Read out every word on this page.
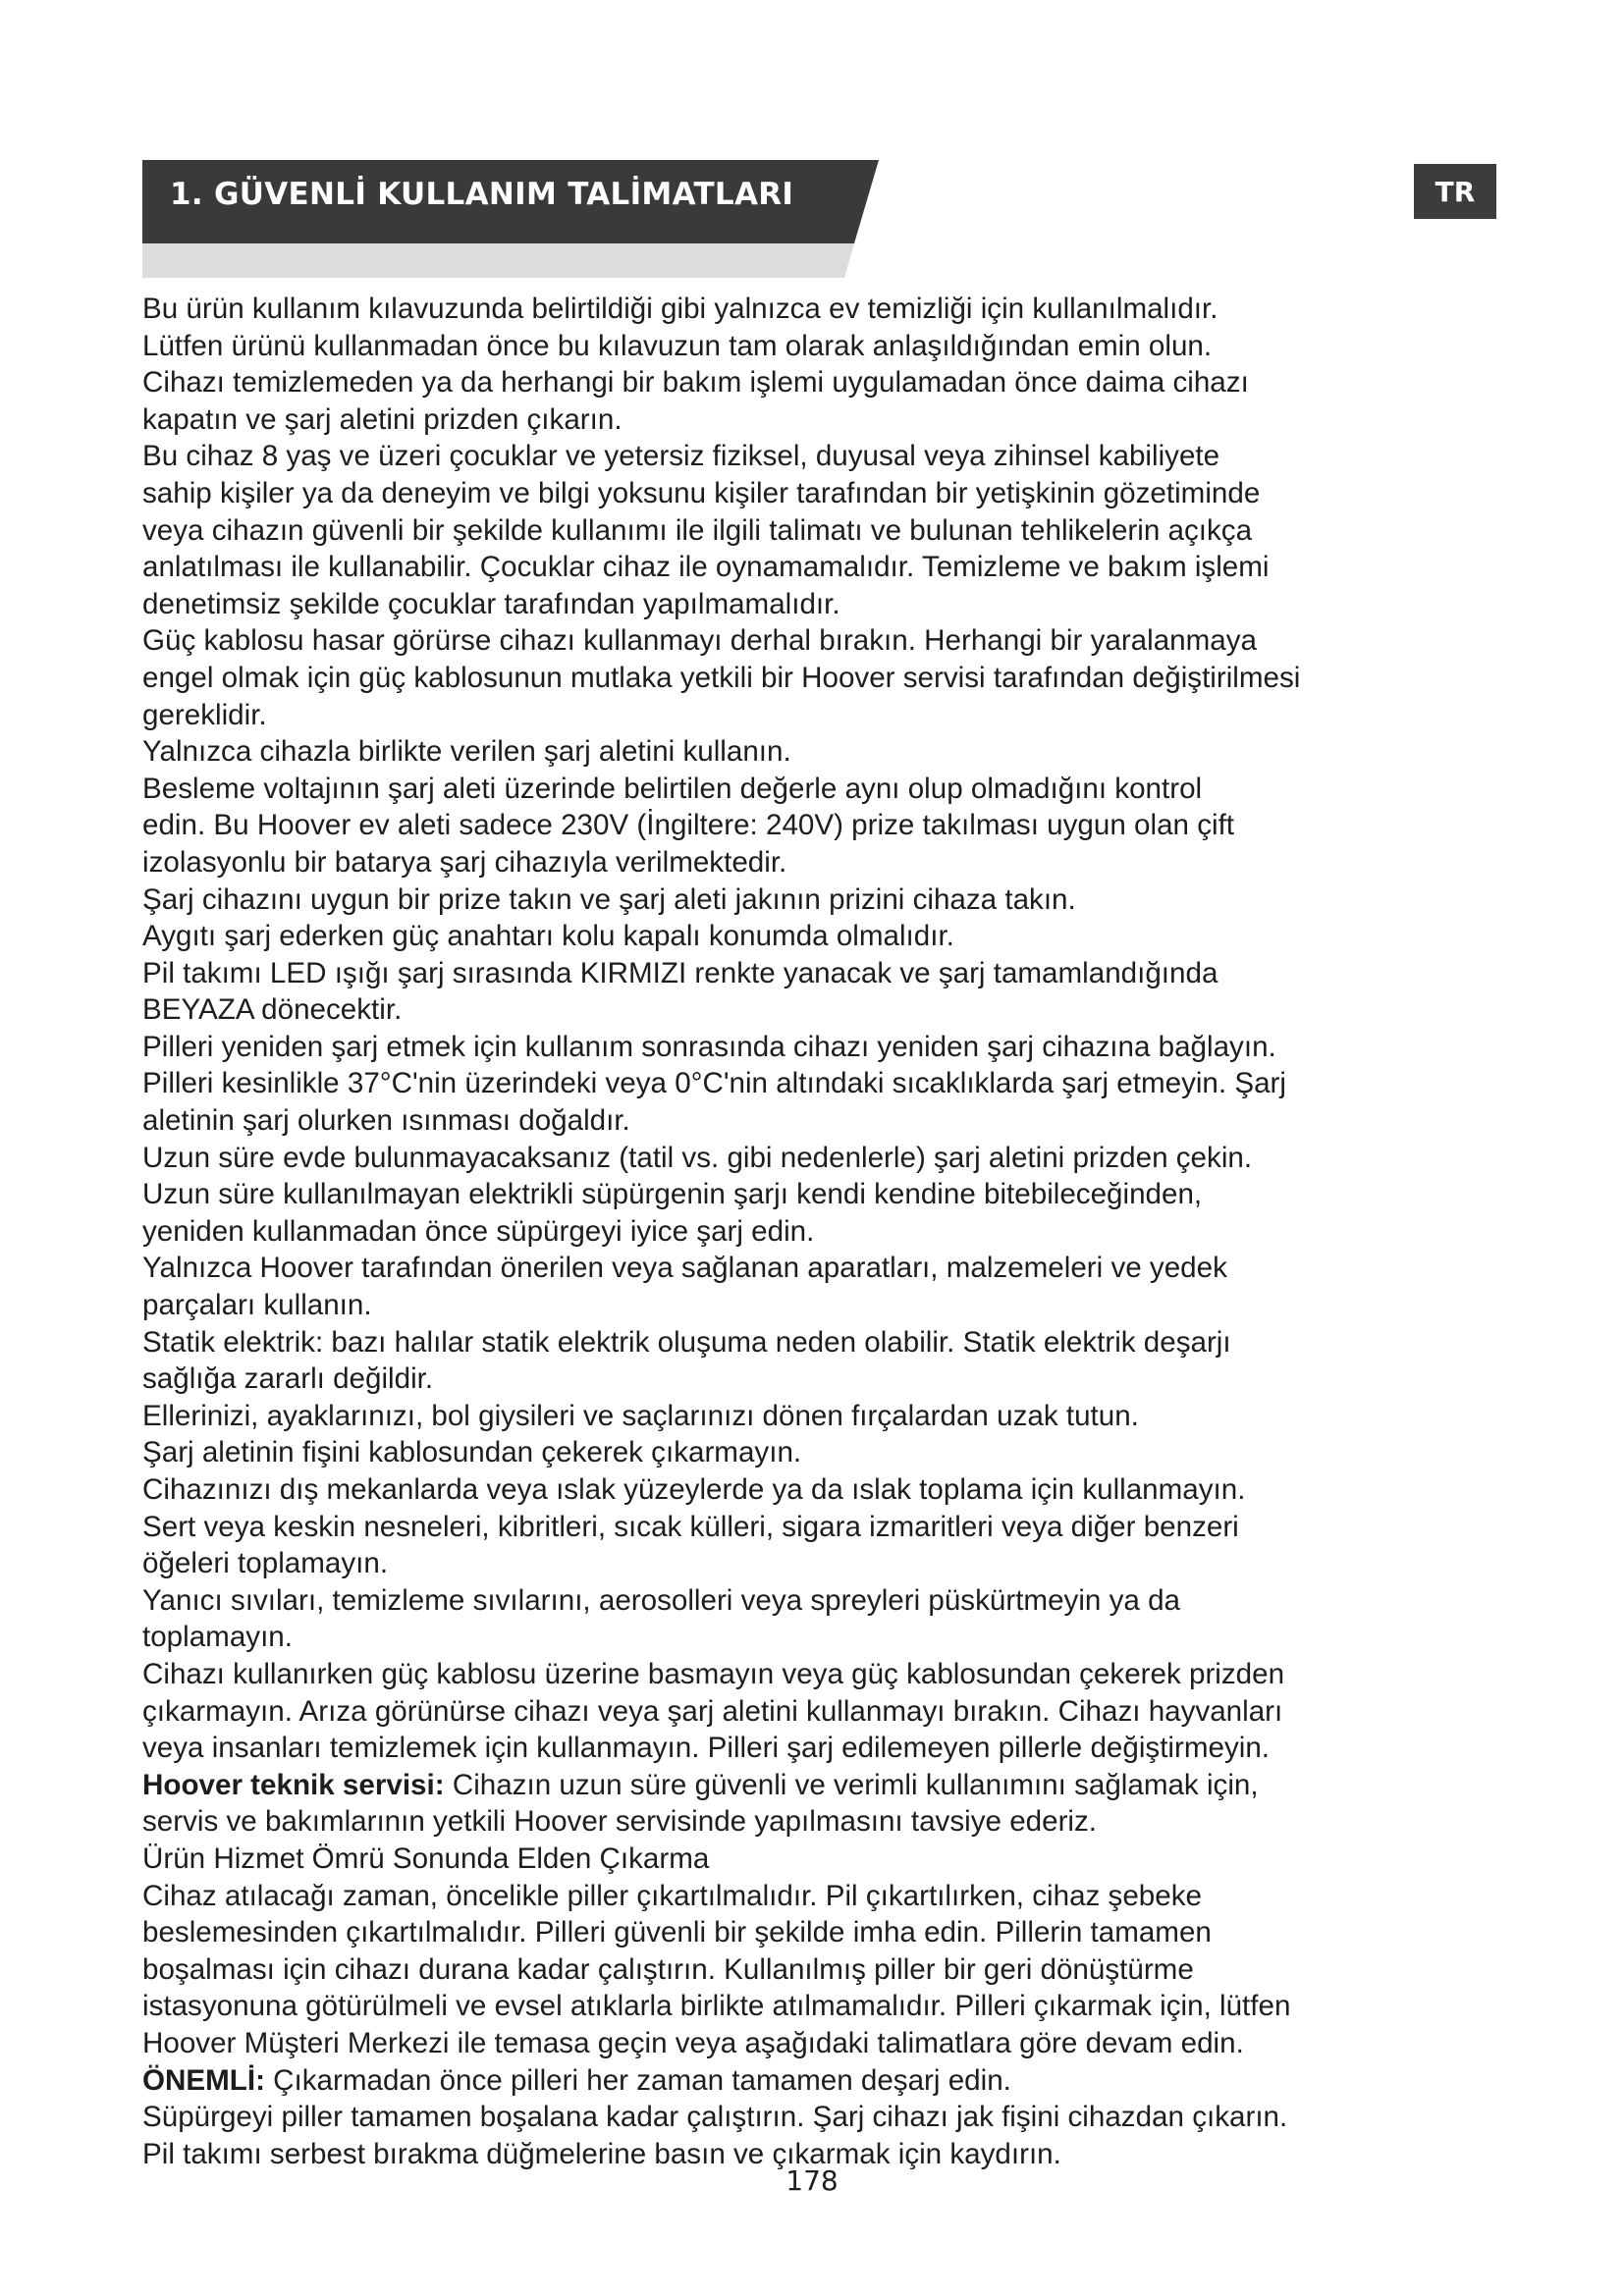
1. GÜVENLİ KULLANIM TALİMATLARI	TR
Bu ürün kullanım kılavuzunda belirtildiği gibi yalnızca ev temizliği için kullanılmalıdır.
Lütfen ürünü kullanmadan önce bu kılavuzun tam olarak anlaşıldığından emin olun.
Cihazı temizlemeden ya da herhangi bir bakım işlemi uygulamadan önce daima cihazı
kapatın ve şarj aletini prizden çıkarın.
Bu cihaz 8 yaş ve üzeri çocuklar ve yetersiz fiziksel, duyusal veya zihinsel kabiliyete
sahip kişiler ya da deneyim ve bilgi yoksunu kişiler tarafından bir yetişkinin gözetiminde
veya cihazın güvenli bir şekilde kullanımı ile ilgili talimatı ve bulunan tehlikelerin açıkça
anlatılması ile kullanabilir. Çocuklar cihaz ile oynamamalıdır. Temizleme ve bakım işlemi
denetimsiz şekilde çocuklar tarafından yapılmamalıdır.
Güç kablosu hasar görürse cihazı kullanmayı derhal bırakın. Herhangi bir yaralanmaya
engel olmak için güç kablosunun mutlaka yetkili bir Hoover servisi tarafından değiştirilmesi
gereklidir.
Yalnızca cihazla birlikte verilen şarj aletini kullanın.
Besleme voltajının şarj aleti üzerinde belirtilen değerle aynı olup olmadığını kontrol
edin. Bu Hoover ev aleti sadece 230V (İngiltere: 240V) prize takılması uygun olan çift
izolasyonlu bir batarya şarj cihazıyla verilmektedir.
Şarj cihazını uygun bir prize takın ve şarj aleti jakının prizini cihaza takın.
Aygıtı şarj ederken güç anahtarı kolu kapalı konumda olmalıdır.
Pil takımı LED ışığı şarj sırasında KIRMIZI renkte yanacak ve şarj tamamlandığında
BEYAZA dönecektir.
Pilleri yeniden şarj etmek için kullanım sonrasında cihazı yeniden şarj cihazına bağlayın.
Pilleri kesinlikle 37°C'nin üzerindeki veya 0°C'nin altındaki sıcaklıklarda şarj etmeyin. Şarj
aletinin şarj olurken ısınması doğaldır.
Uzun süre evde bulunmayacaksanız (tatil vs. gibi nedenlerle) şarj aletini prizden çekin.
Uzun süre kullanılmayan elektrikli süpürgenin şarjı kendi kendine bitebileceğinden,
yeniden kullanmadan önce süpürgeyi iyice şarj edin.
Yalnızca Hoover tarafından önerilen veya sağlanan aparatları, malzemeleri ve yedek
parçaları kullanın.
Statik elektrik: bazı halılar statik elektrik oluşuma neden olabilir. Statik elektrik deşarjı
sağlığa zararlı değildir.
Ellerinizi, ayaklarınızı, bol giysileri ve saçlarınızı dönen fırçalardan uzak tutun.
Şarj aletinin fişini kablosundan çekerek çıkarmayın.
Cihazınızı dış mekanlarda veya ıslak yüzeylerde ya da ıslak toplama için kullanmayın.
Sert veya keskin nesneleri, kibritleri, sıcak külleri, sigara izmaritleri veya diğer benzeri
öğeleri toplamayın.
Yanıcı sıvıları, temizleme sıvılarını, aerosolleri veya spreyleri püskürtmeyin ya da
toplamayın.
Cihazı kullanırken güç kablosu üzerine basmayın veya güç kablosundan çekerek prizden
çıkarmayın. Arıza görünürse cihazı veya şarj aletini kullanmayı bırakın. Cihazı hayvanları
veya insanları temizlemek için kullanmayın. Pilleri şarj edilemeyen pillerle değiştirmeyin.
Hoover teknik servisi: Cihazın uzun süre güvenli ve verimli kullanımını sağlamak için,
servis ve bakımlarının yetkili Hoover servisinde yapılmasını tavsiye ederiz.
Ürün Hizmet Ömrü Sonunda Elden Çıkarma
Cihaz atılacağı zaman, öncelikle piller çıkartılmalıdır. Pil çıkartılırken, cihaz şebeke
beslemesinden çıkartılmalıdır. Pilleri güvenli bir şekilde imha edin. Pillerin tamamen
boşalması için cihazı durana kadar çalıştırın. Kullanılmış piller bir geri dönüştürme
istasyonuna götürülmeli ve evsel atıklarla birlikte atılmamalıdır. Pilleri çıkarmak için, lütfen
Hoover Müşteri Merkezi ile temasa geçin veya aşağıdaki talimatlara göre devam edin.
ÖNEMLİ: Çıkarmadan önce pilleri her zaman tamamen deşarj edin.
Süpürgeyi piller tamamen boşalana kadar çalıştırın. Şarj cihazı jak fişini cihazdan çıkarın.
Pil takımı serbest bırakma düğmelerine basın ve çıkarmak için kaydırın.
178
